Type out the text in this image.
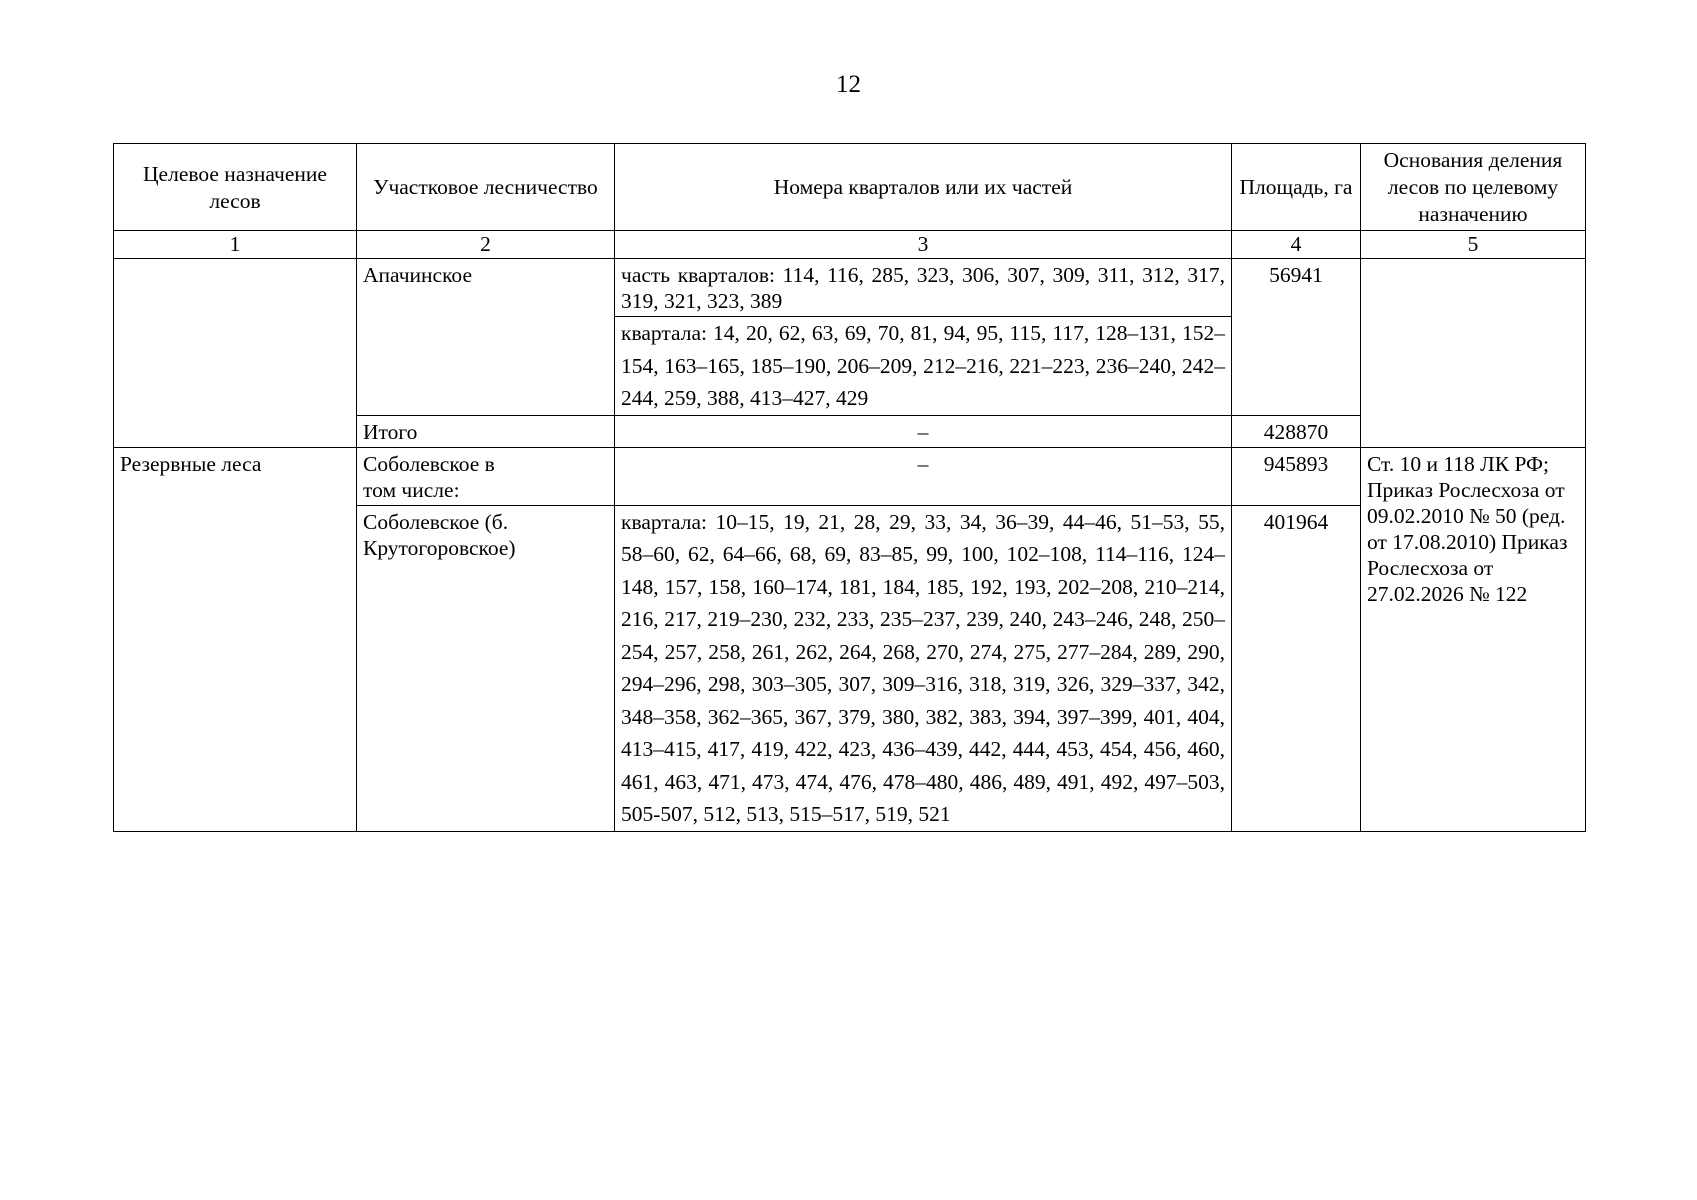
12
Целевое назначение лесов	Участковое лесничество	Номера кварталов или их частей	Площадь, га	Основания деления лесов по целевому назначению
1	2	3	4	5
	Апачинское	часть кварталов: 114, 116, 285, 323, 306, 307, 309, 311, 312, 317, 319, 321, 323, 389	56941	
		квартала: 14, 20, 62, 63, 69, 70, 81, 94, 95, 115, 117, 128–131, 152–154, 163–165, 185–190, 206–209, 212–216, 221–223, 236–240, 242–244, 259, 388, 413–427, 429		
	Итого	–	428870	
Резервные леса	Соболевское в том числе:	–	945893	Ст. 10 и 118 ЛК РФ; Приказ Рослесхоза от 09.02.2010 № 50 (ред. от 17.08.2010) Приказ Рослесхоза от 27.02.2026 № 122
	Соболевское (б. Крутогоровское)	квартала: 10–15, 19, 21, 28, 29, 33, 34, 36–39, 44–46, 51–53, 55, 58–60, 62, 64–66, 68, 69, 83–85, 99, 100, 102–108, 114–116, 124–148, 157, 158, 160–174, 181, 184, 185, 192, 193, 202–208, 210–214, 216, 217, 219–230, 232, 233, 235–237, 239, 240, 243–246, 248, 250–254, 257, 258, 261, 262, 264, 268, 270, 274, 275, 277–284, 289, 290, 294–296, 298, 303–305, 307, 309–316, 318, 319, 326, 329–337, 342, 348–358, 362–365, 367, 379, 380, 382, 383, 394, 397–399, 401, 404, 413–415, 417, 419, 422, 423, 436–439, 442, 444, 453, 454, 456, 460, 461, 463, 471, 473, 474, 476, 478–480, 486, 489, 491, 492, 497–503, 505-507, 512, 513, 515–517, 519, 521	401964	
